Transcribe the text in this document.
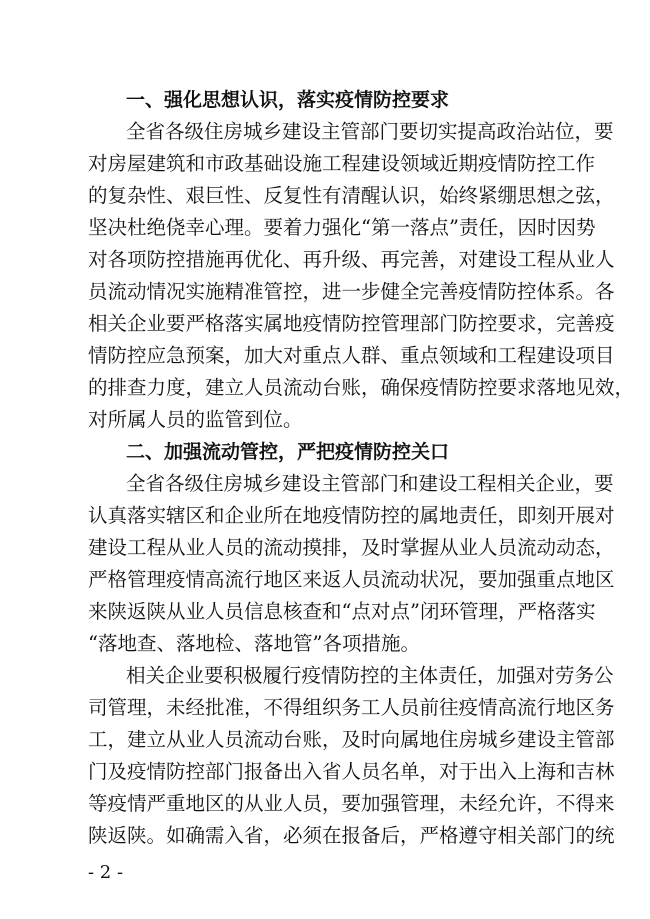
一、强化思想认识，落实疫情防控要求
全省各级住房城乡建设主管部门要切实提高政治站位，要
对房屋建筑和市政基础设施工程建设领域近期疫情防控工作
的复杂性、艰巨性、反复性有清醒认识，始终紧绷思想之弦，
坚决杜绝侥幸心理。要着力强化“第一落点”责任，因时因势
对各项防控措施再优化、再升级、再完善，对建设工程从业人
员流动情况实施精准管控，进一步健全完善疫情防控体系。各
相关企业要严格落实属地疫情防控管理部门防控要求，完善疫
情防控应急预案，加大对重点人群、重点领域和工程建设项目
的排查力度，建立人员流动台账，确保疫情防控要求落地见效，
对所属人员的监管到位。
二、加强流动管控，严把疫情防控关口
全省各级住房城乡建设主管部门和建设工程相关企业，要
认真落实辖区和企业所在地疫情防控的属地责任，即刻开展对
建设工程从业人员的流动摸排，及时掌握从业人员流动动态，
严格管理疫情高流行地区来返人员流动状况，要加强重点地区
来陕返陕从业人员信息核查和“点对点”闭环管理，严格落实
“落地查、落地检、落地管”各项措施。
相关企业要积极履行疫情防控的主体责任，加强对劳务公
司管理，未经批准，不得组织务工人员前往疫情高流行地区务
工，建立从业人员流动台账，及时向属地住房城乡建设主管部
门及疫情防控部门报备出入省人员名单，对于出入上海和吉林
等疫情严重地区的从业人员，要加强管理，未经允许，不得来
陕返陕。如确需入省，必须在报备后，严格遵守相关部门的统
- 2 -
